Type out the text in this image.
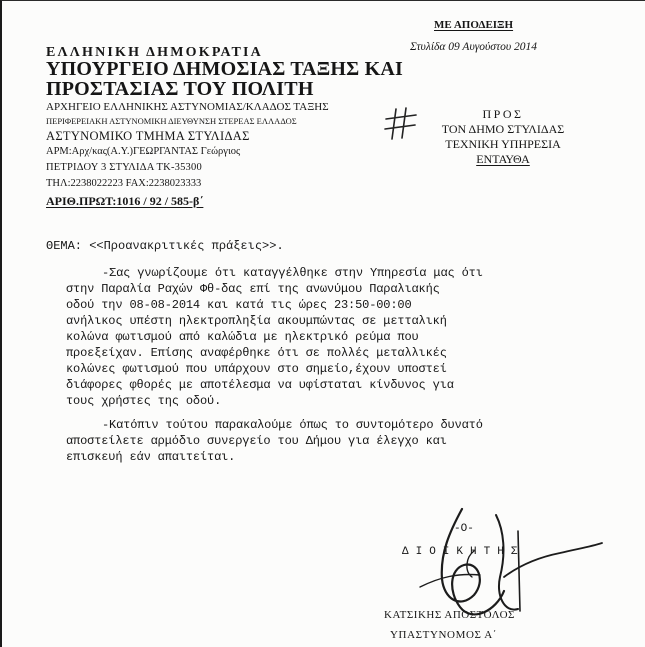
ΜΕ ΑΠΟΔΕΙΞΗ
Στυλίδα 09 Αυγούστου 2014
ΕΛΛΗΝΙΚΗ ΔΗΜΟΚΡΑΤΙΑ
ΥΠΟΥΡΓΕΙΟ ΔΗΜΟΣΙΑΣ ΤΑΞΗΣ ΚΑΙ
ΠΡΟΣΤΑΣΙΑΣ ΤΟΥ ΠΟΛΙΤΗ
ΑΡΧΗΓΕΙΟ ΕΛΛΗΝΙΚΗΣ ΑΣΤΥΝΟΜΙΑΣ/ΚΛΑΔΟΣ ΤΑΞΗΣ
ΠΕΡΙΦΕΡΕΙΑΚΗ ΑΣΤΥΝΟΜΙΚΗ ΔΙΕΥΘΥΝΣΗ ΣΤΕΡΕΑΣ ΕΛΛΑΔΟΣ
ΑΣΤΥΝΟΜΙΚΟ ΤΜΗΜΑ ΣΤΥΛΙΔΑΣ
ΑΡΜ:Αρχ/κας(Α.Υ.)ΓΕΩΡΓΑΝΤΑΣ Γεώργιος
ΠΕΤΡΙΔΟΥ 3 ΣΤΥΛΙΔΑ ΤΚ-35300
ΤΗΛ:2238022223 FAX:2238023333
ΑΡΙΘ.ΠΡΩΤ:1016 / 92 / 585-β΄
ΠΡΟΣ
ΤΟΝ ΔΗΜΟ ΣΤΥΛΙΔΑΣ
ΤΕΧΝΙΚΗ ΥΠΗΡΕΣΙΑ
ΕΝΤΑΥΘΑ
ΘΕΜΑ: <<Προανακριτικές πράξεις>>.
-Σας γνωρίζουμε ότι καταγγέλθηκε στην Υπηρεσία μας ότι
στην Παραλία Ραχών Φθ-δας επί της ανωνύμου Παραλιακής
οδού την 08-08-2014 και κατά τις ώρες 23:50-00:00
ανήλικος υπέστη ηλεκτροπληξία ακουμπώντας σε μετταλική
κολώνα φωτισμού από καλώδια με ηλεκτρικό ρεύμα που
προεξείχαν. Επίσης αναφέρθηκε ότι σε πολλές μεταλλικές
κολώνες φωτισμού που υπάρχουν στο σημείο,έχουν υποστεί
διάφορες φθορές με αποτέλεσμα να υφίσταται κίνδυνος για
τους χρήστες της οδού.
-Κατόπιν τούτου παρακαλούμε όπως το συντομότερο δυνατό
αποστείλετε αρμόδιο συνεργείο του Δήμου για έλεγχο και
επισκευή εάν απαιτείται.
-Ο-
ΔΙΟΙΚΗΤΗΣ
ΚΑΤΣΙΚΗΣ ΑΠΟΣΤΟΛΟΣ
ΥΠΑΣΤΥΝΟΜΟΣ Α΄
